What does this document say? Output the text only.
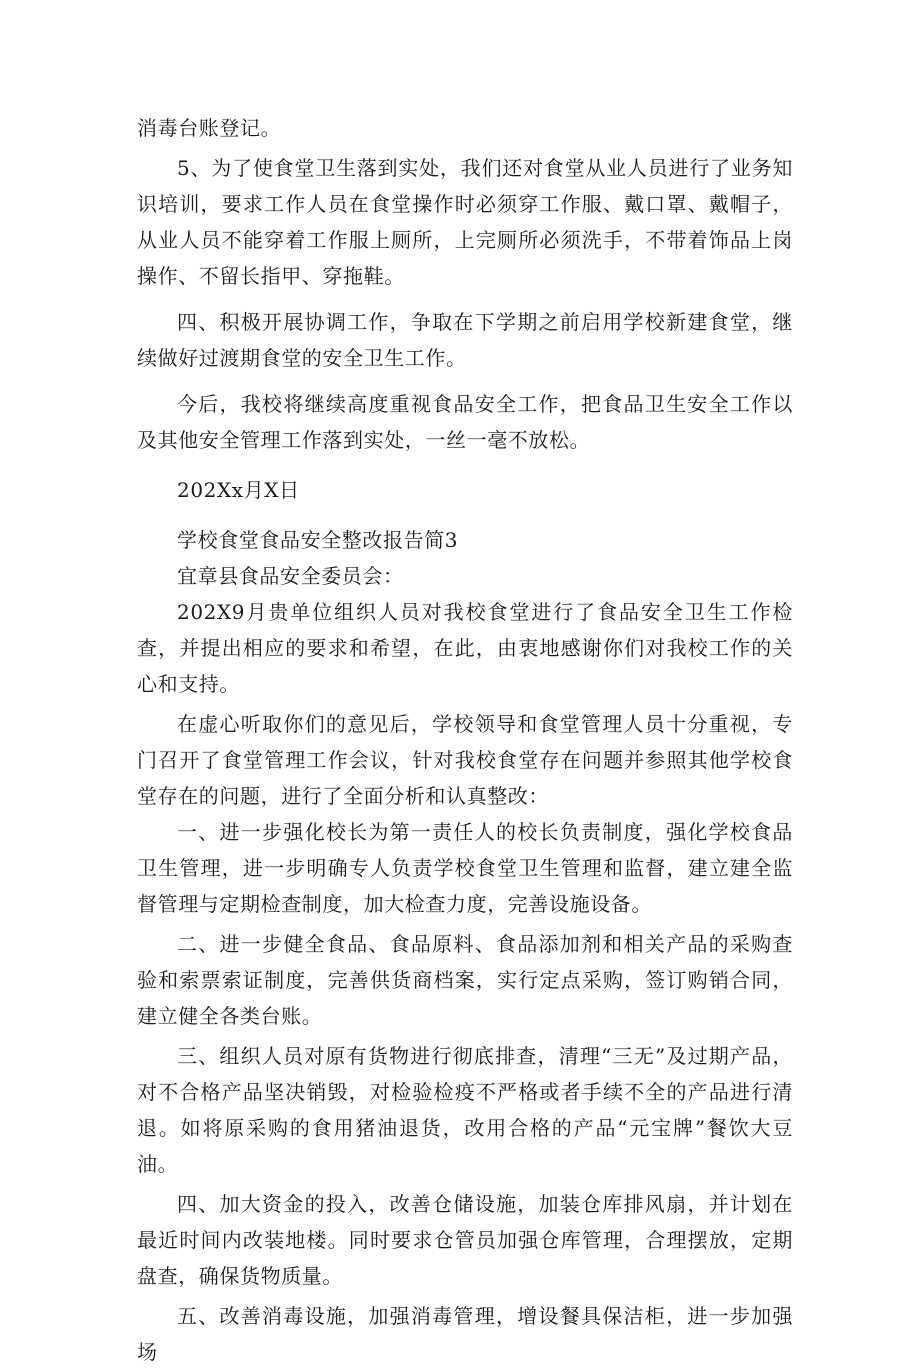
消毒台账登记。

5、为了使食堂卫生落到实处，我们还对食堂从业人员进行了业务知识培训，要求工作人员在食堂操作时必须穿工作服、戴口罩、戴帽子，从业人员不能穿着工作服上厕所，上完厕所必须洗手，不带着饰品上岗操作、不留长指甲、穿拖鞋。

四、积极开展协调工作，争取在下学期之前启用学校新建食堂，继续做好过渡期食堂的安全卫生工作。

今后，我校将继续高度重视食品安全工作，把食品卫生安全工作以及其他安全管理工作落到实处，一丝一毫不放松。

202Xx月X日

学校食堂食品安全整改报告简3

宜章县食品安全委员会：

202X9月贵单位组织人员对我校食堂进行了食品安全卫生工作检查，并提出相应的要求和希望，在此，由衷地感谢你们对我校工作的关心和支持。

在虚心听取你们的意见后，学校领导和食堂管理人员十分重视，专门召开了食堂管理工作会议，针对我校食堂存在问题并参照其他学校食堂存在的问题，进行了全面分析和认真整改：

一、进一步强化校长为第一责任人的校长负责制度，强化学校食品卫生管理，进一步明确专人负责学校食堂卫生管理和监督，建立建全监督管理与定期检查制度，加大检查力度，完善设施设备。

二、进一步健全食品、食品原料、食品添加剂和相关产品的采购查验和索票索证制度，完善供货商档案，实行定点采购，签订购销合同，建立健全各类台账。

三、组织人员对原有货物进行彻底排查，清理“三无”及过期产品，对不合格产品坚决销毁，对检验检疫不严格或者手续不全的产品进行清退。如将原采购的食用猪油退货，改用合格的产品“元宝牌”餐饮大豆油。

四、加大资金的投入，改善仓储设施，加装仓库排风扇，并计划在最近时间内改装地楼。同时要求仓管员加强仓库管理，合理摆放，定期盘查，确保货物质量。

五、改善消毒设施，加强消毒管理，增设餐具保洁柜，进一步加强场
